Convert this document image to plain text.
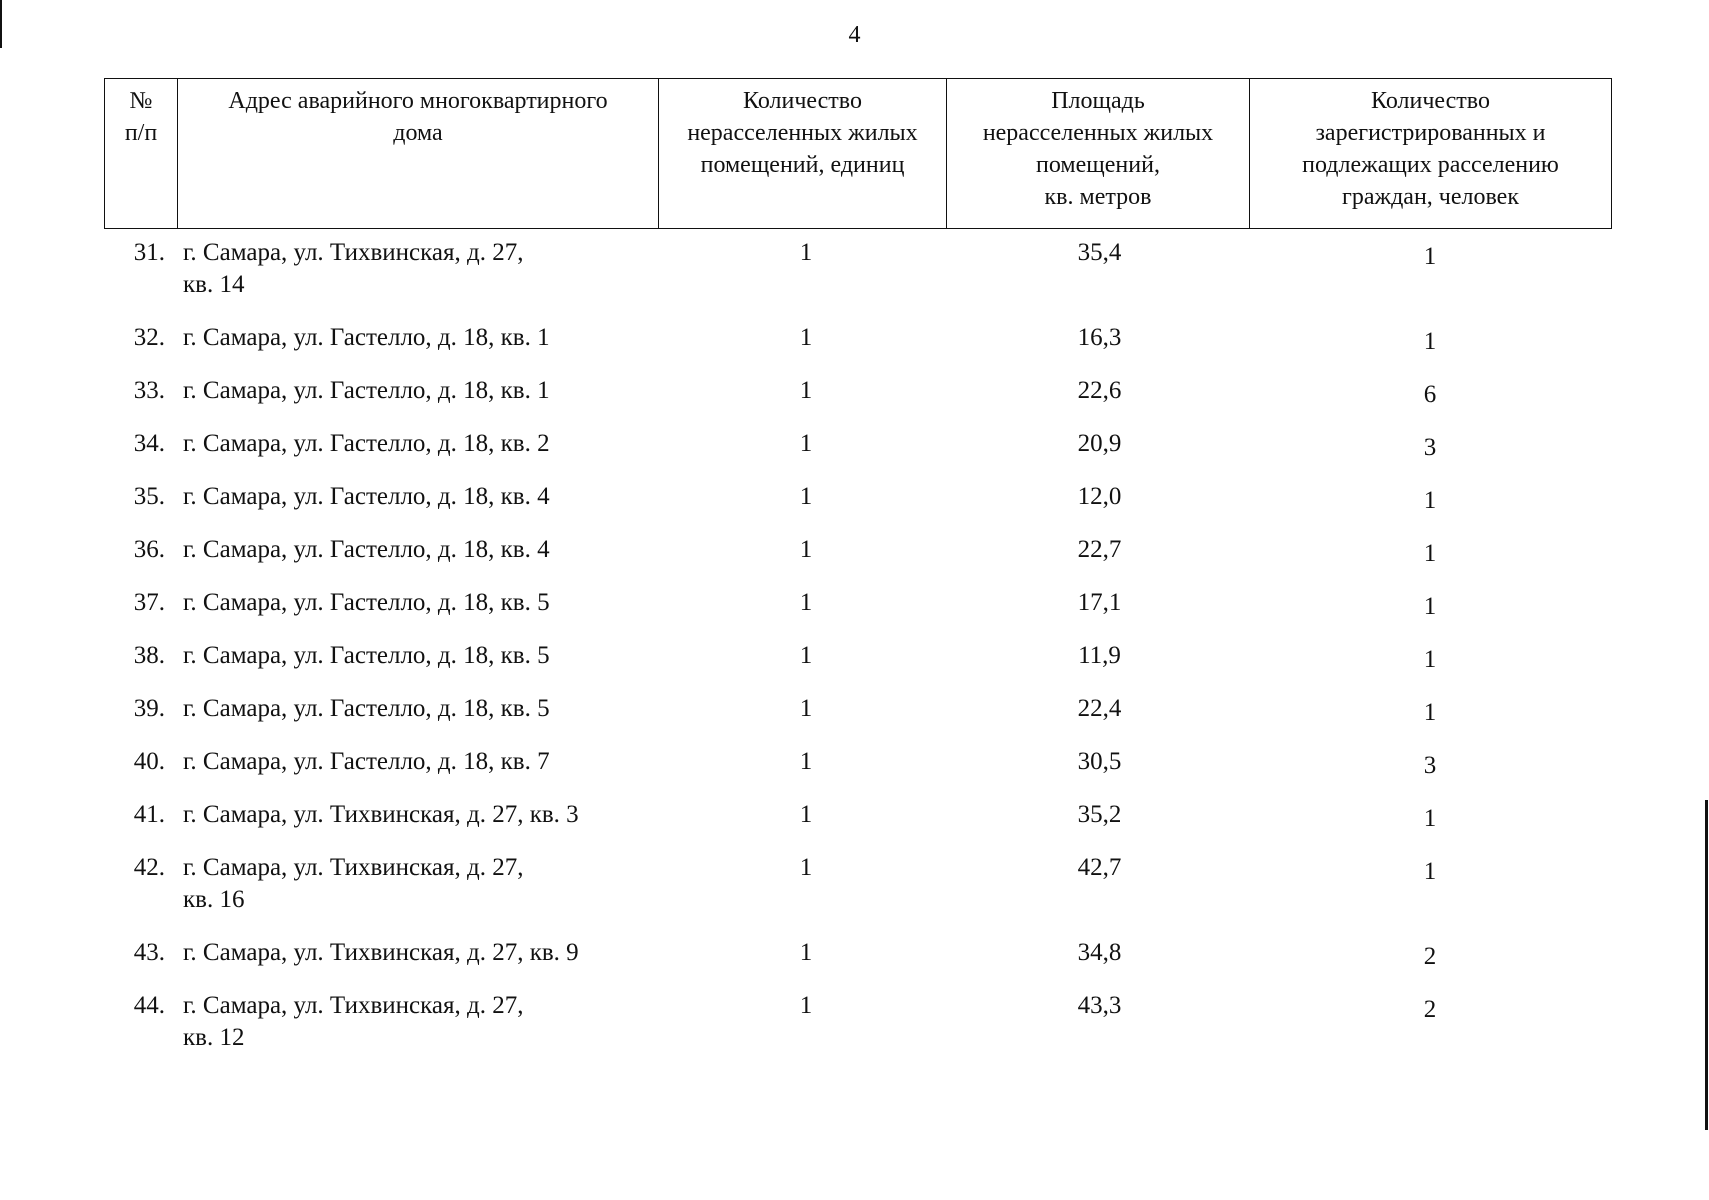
4
№
п/п

Адрес аварийного многоквартирного
дома

Количество
нерасселенных жилых
помещений, единиц

Площадь
нерасселенных жилых
помещений,
кв. метров

Количество
зарегистрированных и
подлежащих расселению
граждан, человек
31. г. Самара, ул. Тихвинская, д. 27,
кв. 14
1	35,4	1
32. г. Самара, ул. Гастелло, д. 18, кв. 1	1	16,3	1
33. г. Самара, ул. Гастелло, д. 18, кв. 1	1	22,6	6
34. г. Самара, ул. Гастелло, д. 18, кв. 2	1	20,9	3
35. г. Самара, ул. Гастелло, д. 18, кв. 4	1	12,0	1
36. г. Самара, ул. Гастелло, д. 18, кв. 4	1	22,7	1
37. г. Самара, ул. Гастелло, д. 18, кв. 5	1	17,1	1
38. г. Самара, ул. Гастелло, д. 18, кв. 5	1	11,9	1
39. г. Самара, ул. Гастелло, д. 18, кв. 5	1	22,4	1
40. г. Самара, ул. Гастелло, д. 18, кв. 7	1	30,5	3
41. г. Самара, ул. Тихвинская, д. 27, кв. 3	1	35,2	1
42. г. Самара, ул. Тихвинская, д. 27,
кв. 16
1	42,7	1
43. г. Самара, ул. Тихвинская, д. 27, кв. 9	1	34,8	2
44. г. Самара, ул. Тихвинская, д. 27,
кв. 12
1	43,3	2
